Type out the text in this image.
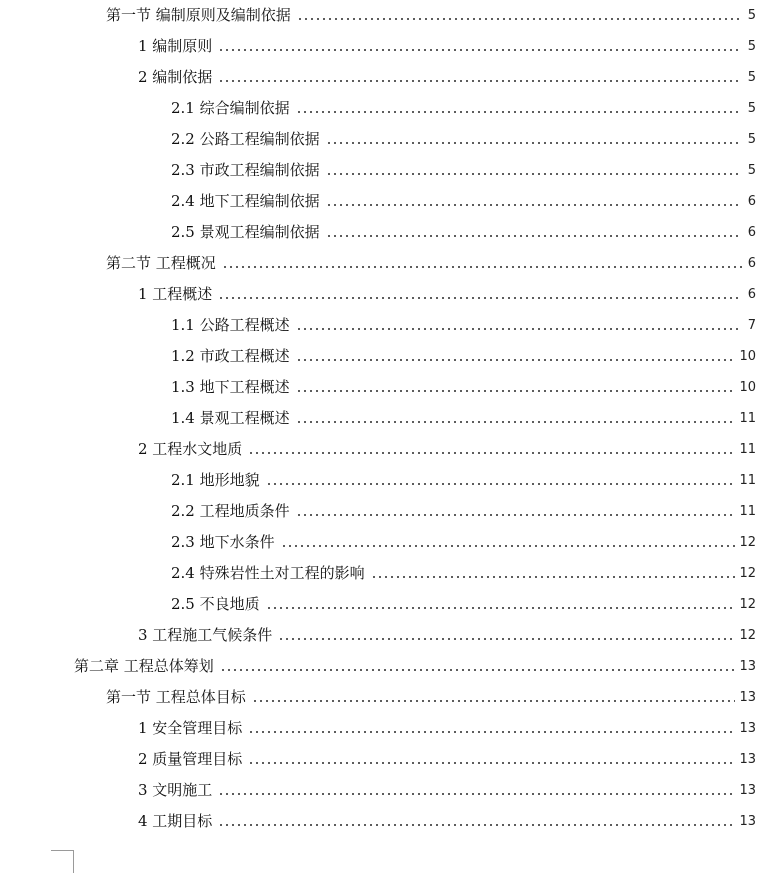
第一节 编制原则及编制依据	5
1 编制原则	5
2 编制依据	5
2.1 综合编制依据	5
2.2 公路工程编制依据	5
2.3 市政工程编制依据	5
2.4 地下工程编制依据	6
2.5 景观工程编制依据	6
第二节 工程概况	6
1 工程概述	6
1.1 公路工程概述	7
1.2 市政工程概述	10
1.3 地下工程概述	10
1.4 景观工程概述	11
2 工程水文地质	11
2.1 地形地貌	11
2.2 工程地质条件	11
2.3 地下水条件	12
2.4 特殊岩性土对工程的影响	12
2.5 不良地质	12
3 工程施工气候条件	12
第二章 工程总体筹划	13
第一节 工程总体目标	13
1 安全管理目标	13
2 质量管理目标	13
3 文明施工	13
4 工期目标	13
